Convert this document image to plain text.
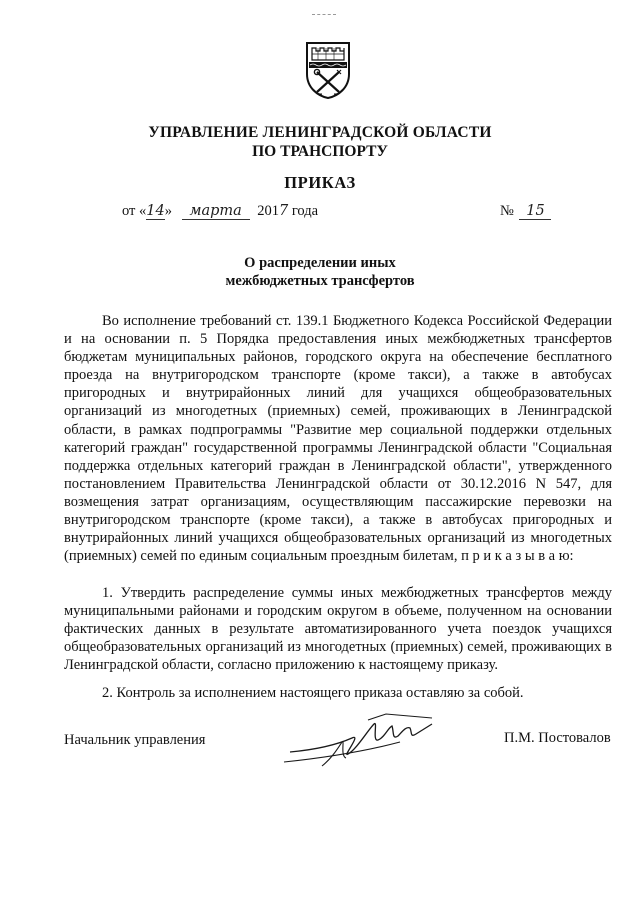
УПРАВЛЕНИЕ ЛЕНИНГРАДСКОЙ ОБЛАСТИ
ПО ТРАНСПОРТУ
ПРИКАЗ
от «14» марта 2017 года	№ 15
О распределении иных
межбюджетных трансфертов
Во исполнение требований ст. 139.1 Бюджетного Кодекса Российской Федерации и на основании п. 5 Порядка предоставления иных межбюджетных трансфертов бюджетам муниципальных районов, городского округа на обеспечение бесплатного проезда на внутригородском транспорте (кроме такси), а также в автобусах пригородных и внутрирайонных линий для учащихся общеобразовательных организаций из многодетных (приемных) семей, проживающих в Ленинградской области, в рамках подпрограммы "Развитие мер социальной поддержки отдельных категорий граждан" государственной программы Ленинградской области "Социальная поддержка отдельных категорий граждан в Ленинградской области", утвержденного постановлением Правительства Ленинградской области от 30.12.2016 N 547, для возмещения затрат организациям, осуществляющим пассажирские перевозки на внутригородском транспорте (кроме такси), а также в автобусах пригородных и внутрирайонных линий учащихся общеобразовательных организаций из многодетных (приемных) семей по единым социальным проездным билетам, п р и к а з ы в а ю:
1. Утвердить распределение суммы иных межбюджетных трансфертов между муниципальными районами и городским округом в объеме, полученном на основании фактических данных в результате автоматизированного учета поездок учащихся общеобразовательных организаций из многодетных (приемных) семей, проживающих в Ленинградской области, согласно приложению к настоящему приказу.
2. Контроль за исполнением настоящего приказа оставляю за собой.
Начальник управления	П.М. Постовалов
